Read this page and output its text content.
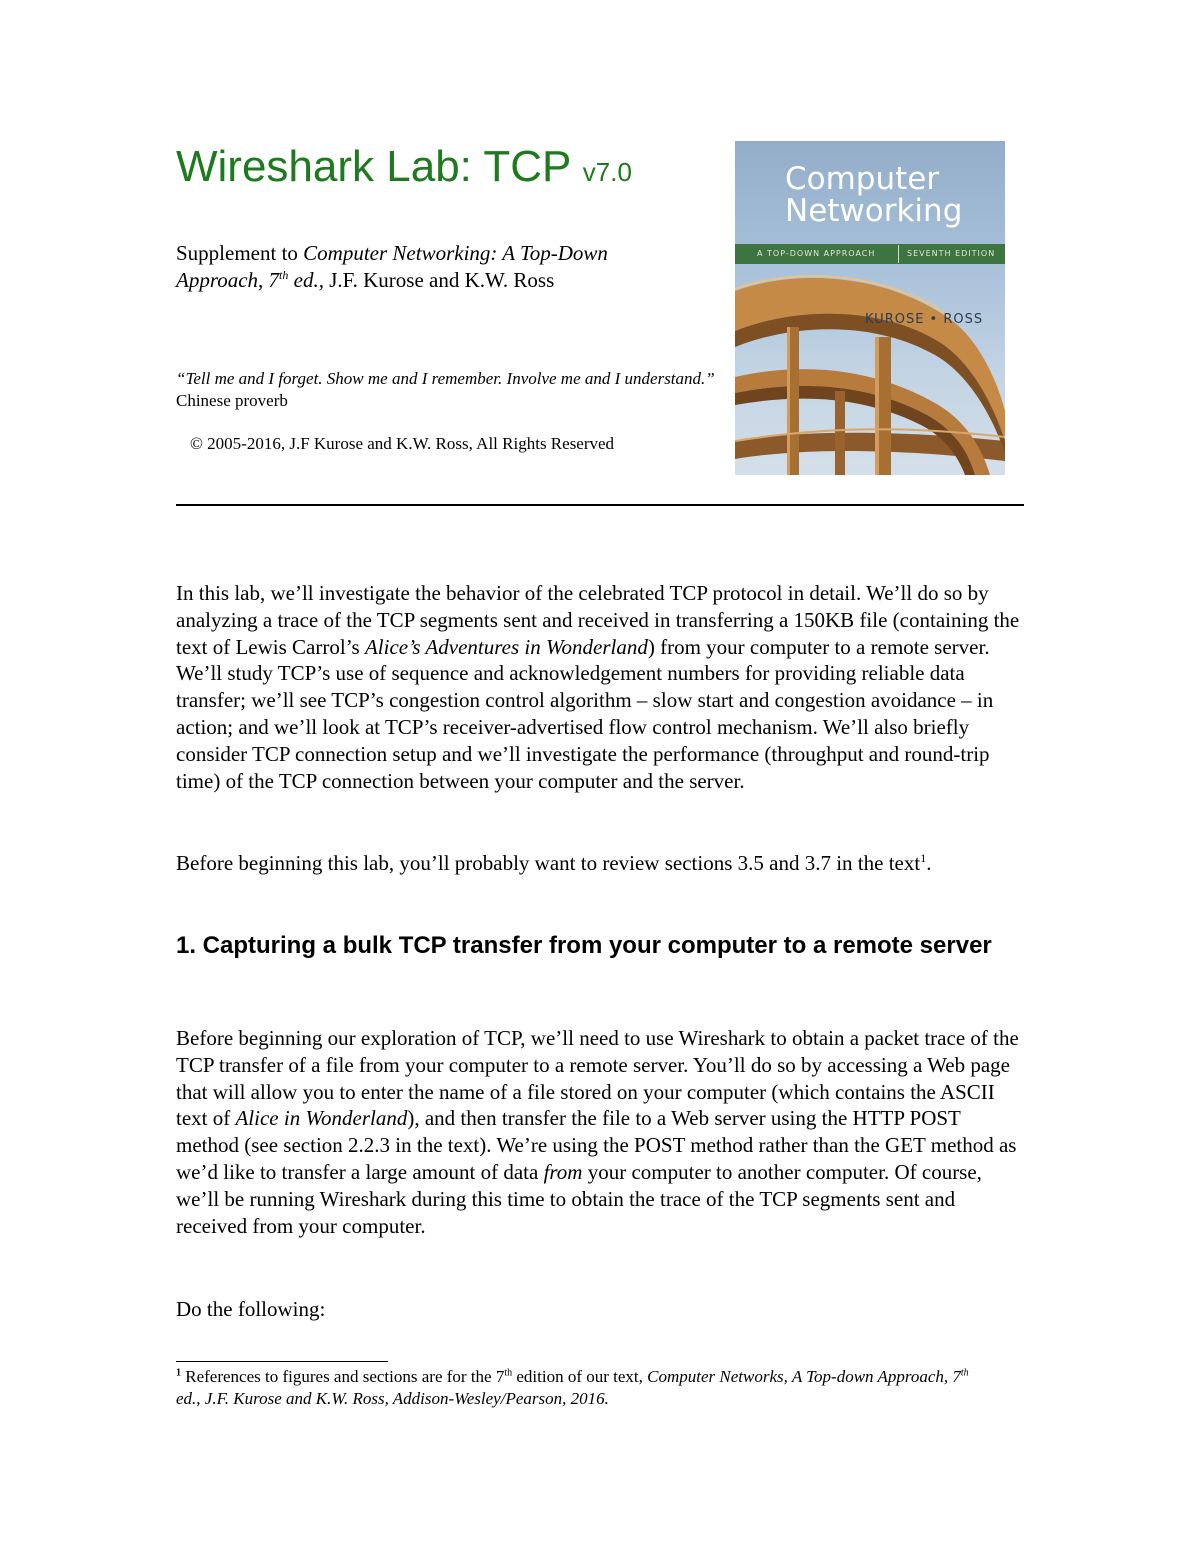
Wireshark Lab: TCP v7.0

Supplement to Computer Networking: A Top-Down Approach, 7th ed., J.F. Kurose and K.W. Ross

“Tell me and I forget. Show me and I remember. Involve me and I understand.” Chinese proverb

© 2005-2016, J.F Kurose and K.W. Ross, All Rights Reserved

Computer
Networking
A TOP-DOWN APPROACH	SEVENTH EDITION
KUROSE • ROSS

In this lab, we’ll investigate the behavior of the celebrated TCP protocol in detail. We’ll do so by analyzing a trace of the TCP segments sent and received in transferring a 150KB file (containing the text of Lewis Carrol’s Alice’s Adventures in Wonderland) from your computer to a remote server. We’ll study TCP’s use of sequence and acknowledgement numbers for providing reliable data transfer; we’ll see TCP’s congestion control algorithm – slow start and congestion avoidance – in action; and we’ll look at TCP’s receiver-advertised flow control mechanism. We’ll also briefly consider TCP connection setup and we’ll investigate the performance (throughput and round-trip time) of the TCP connection between your computer and the server.

Before beginning this lab, you’ll probably want to review sections 3.5 and 3.7 in the text$^1$.

1. Capturing a bulk TCP transfer from your computer to a remote server

Before beginning our exploration of TCP, we’ll need to use Wireshark to obtain a packet trace of the TCP transfer of a file from your computer to a remote server. You’ll do so by accessing a Web page that will allow you to enter the name of a file stored on your computer (which contains the ASCII text of Alice in Wonderland), and then transfer the file to a Web server using the HTTP POST method (see section 2.2.3 in the text). We’re using the POST method rather than the GET method as we’d like to transfer a large amount of data from your computer to another computer. Of course, we’ll be running Wireshark during this time to obtain the trace of the TCP segments sent and received from your computer.

Do the following:

$^1$ References to figures and sections are for the 7th edition of our text, Computer Networks, A Top-down Approach, 7th ed., J.F. Kurose and K.W. Ross, Addison-Wesley/Pearson, 2016.
